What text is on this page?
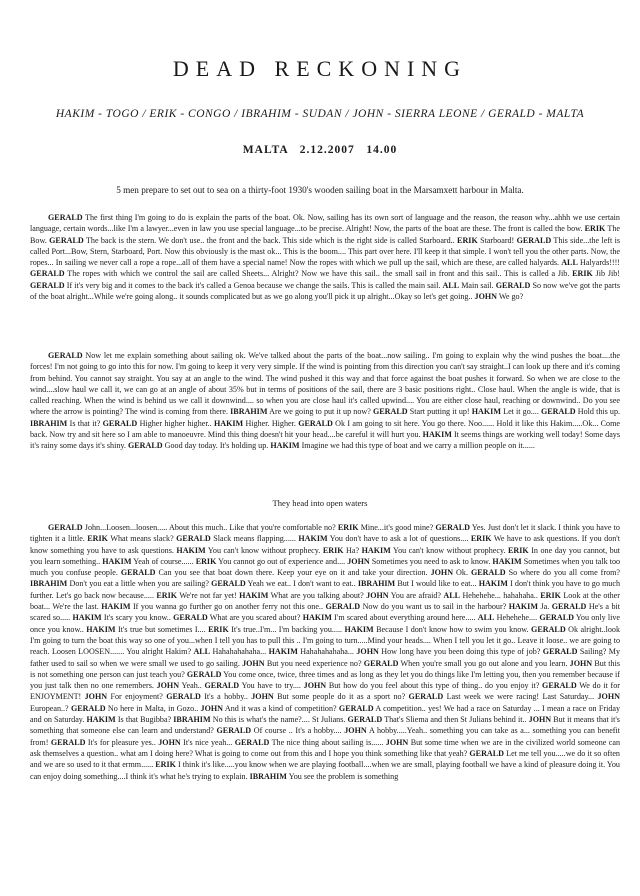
DEAD RECKONING
HAKIM - TOGO / ERIK - CONGO / IBRAHIM - SUDAN / JOHN - SIERRA LEONE / GERALD - MALTA
MALTA 2.12.2007 14.00
5 men prepare to set out to sea on a thirty-foot 1930's wooden sailing boat in the Marsamxett harbour in Malta.

GERALD The first thing I'm going to do is explain the parts of the boat. Ok. Now, sailing has its own sort of language and the reason, the reason why...ahhh we use certain language, certain words...like I'm a lawyer...even in law you use special language...to be precise. Alright! Now, the parts of the boat are these. The front is called the bow. ERIK The Bow. GERALD The back is the stern. We don't use.. the front and the back. This side which is the right side is called Starboard.. ERIK Starboard! GERALD This side...the left is called Port...Bow, Stern, Starboard, Port. Now this obviously is the mast ok... This is the boom.... This part over here. I'll keep it that simple. I won't tell you the other parts. Now, the ropes... In sailing we never call a rope a rope...all of them have a special name! Now the ropes with which we pull up the sail, which are these, are called halyards. ALL Halyards!!!! GERALD The ropes with which we control the sail are called Sheets... Alright? Now we have this sail.. the small sail in front and this sail.. This is called a Jib. ERIK Jib Jib! GERALD If it's very big and it comes to the back it's called a Genoa because we change the sails. This is called the main sail. ALL Main sail. GERALD So now we've got the parts of the boat alright...While we're going along.. it sounds complicated but as we go along you'll pick it up alright...Okay so let's get going.. JOHN We go?

GERALD Now let me explain something about sailing ok. We've talked about the parts of the boat...now sailing.. I'm going to explain why the wind pushes the boat....the forces! I'm not going to go into this for now. I'm going to keep it very very simple. If the wind is pointing from this direction you can't say straight..I can look up there and it's coming from behind. You cannot say straight. You say at an angle to the wind. The wind pushed it this way and that force against the boat pushes it forward. So when we are close to the wind....slow haul we call it, we can go at an angle of about 35% but in terms of positions of the sail, there are 3 basic positions right.. Close haul. When the angle is wide, that is called reaching. When the wind is behind us we call it downwind.... so when you are close haul it's called upwind.... You are either close haul, reaching or downwind.. Do you see where the arrow is pointing? The wind is coming from there. IBRAHIM Are we going to put it up now? GERALD Start putting it up! HAKIM Let it go.... GERALD Hold this up. IBRAHIM Is that it? GERALD Higher higher higher.. HAKIM Higher. Higher. GERALD Ok I am going to sit here. You go there. Noo...... Hold it like this Hakim.....Ok... Come back. Now try and sit here so I am able to manoeuvre. Mind this thing doesn't hit your head....be careful it will hurt you. HAKIM It seems things are working well today! Some days it's rainy some days it's shiny. GERALD Good day today. It's holding up. HAKIM Imagine we had this type of boat and we carry a million people on it......

They head into open waters

GERALD John...Loosen...loosen..... About this much.. Like that you're comfortable no? ERIK Mine...it's good mine? GERALD Yes. Just don't let it slack. I think you have to tighten it a little. ERIK What means slack? GERALD Slack means flapping...... HAKIM You don't have to ask a lot of questions.... ERIK We have to ask questions. If you don't know something you have to ask questions. HAKIM You can't know without prophecy. ERIK Ha? HAKIM You can't know without prophecy. ERIK In one day you cannot, but you learn something.. HAKIM Yeah of course...... ERIK You cannot go out of experience and.... JOHN Sometimes you need to ask to know. HAKIM Sometimes when you talk too much you confuse people. GERALD Can you see that boat down there. Keep your eye on it and take your direction. JOHN Ok. GERALD So where do you all come from? IBRAHIM Don't you eat a little when you are sailing? GERALD Yeah we eat.. I don't want to eat.. IBRAHIM But I would like to eat... HAKIM I don't think you have to go much further. Let's go back now because..... ERIK We're not far yet! HAKIM What are you talking about? JOHN You are afraid? ALL Hehehehe... hahahaha.. ERIK Look at the other boat... We're the last. HAKIM If you wanna go further go on another ferry not this one.. GERALD Now do you want us to sail in the harbour? HAKIM Ja. GERALD He's a bit scared so..... HAKIM It's scary you know.. GERALD What are you scared about? HAKIM I'm scared about everything around here..... ALL Hehehehe.... GERALD You only live once you know.. HAKIM It's true but sometimes I.... ERIK It's true..I'm... I'm backing you..... HAKIM Because I don't know how to swim you know. GERALD Ok alright..look I'm going to turn the boat this way so one of you...when I tell you has to pull this .. I'm going to turn.....Mind your heads.... When I tell you let it go.. Leave it loose.. we are going to reach. Loosen LOOSEN....... You alright Hakim? ALL Hahahahahaha... HAKIM Hahahahahaha... JOHN How long have you been doing this type of job? GERALD Sailing? My father used to sail so when we were small we used to go sailing. JOHN But you need experience no? GERALD When you're small you go out alone and you learn. JOHN But this is not something one person can just teach you? GERALD You come once, twice, three times and as long as they let you do things like I'm letting you, then you remember because if you just talk then no one remembers. JOHN Yeah.. GERALD You have to try.... JOHN But how do you feel about this type of thing.. do you enjoy it? GERALD We do it for ENJOYMENT! JOHN For enjoyment? GERALD It's a hobby.. JOHN But some people do it as a sport no? GERALD Last week we were racing! Last Saturday... JOHN European..? GERALD No here in Malta, in Gozo.. JOHN And it was a kind of competition? GERALD A competition.. yes! We had a race on Saturday ... I mean a race on Friday and on Saturday. HAKIM Is that Bugibba? IBRAHIM No this is what's the name?.... St Julians. GERALD That's Sliema and then St Julians behind it.. JOHN But it means that it's something that someone else can learn and understand? GERALD Of course .. It's a hobby.... JOHN A hobby.....Yeah.. something you can take as a... something you can benefit from! GERALD It's for pleasure yes.. JOHN It's nice yeah... GERALD The nice thing about sailing is...... JOHN But some time when we are in the civilized world someone can ask themselves a question.. what am I doing here? What is going to come out from this and I hope you think something like that yeah? GERALD Let me tell you.....we do it so often and we are so used to it that ermm...... ERIK I think it's like.....you know when we are playing football....when we are small, playing football we have a kind of pleasure doing it. You can enjoy doing something....I think it's what he's trying to explain. IBRAHIM You see the problem is something
